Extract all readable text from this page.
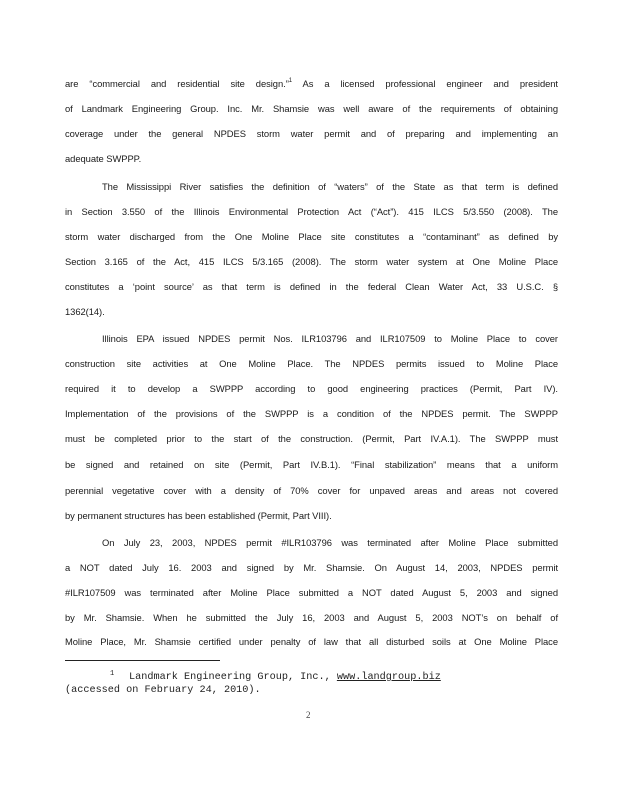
are “commercial and residential site design.”$^1$ As a licensed professional engineer and president
of Landmark Engineering Group. Inc. Mr. Shamsie was well aware of the requirements of obtaining
coverage under the general NPDES storm water permit and of preparing and implementing an
adequate SWPPP.
The Mississippi River satisfies the definition of “waters” of the State as that term is defined
in Section 3.550 of the Illinois Environmental Protection Act (“Act”). 415 ILCS 5/3.550 (2008). The
storm water discharged from the One Moline Place site constitutes a “contaminant” as defined by
Section 3.165 of the Act, 415 ILCS 5/3.165 (2008). The storm water system at One Moline Place
constitutes a ‘point source’ as that term is defined in the federal Clean Water Act, 33 U.S.C. §
1362(14).
Illinois EPA issued NPDES permit Nos. ILR103796 and ILR107509 to Moline Place to cover
construction site activities at One Moline Place. The NPDES permits issued to Moline Place
required it to develop a SWPPP according to good engineering practices (Permit, Part IV).
Implementation of the provisions of the SWPPP is a condition of the NPDES permit. The SWPPP
must be completed prior to the start of the construction. (Permit, Part IV.A.1). The SWPPP must
be signed and retained on site (Permit, Part IV.B.1). “Final stabilization” means that a uniform
perennial vegetative cover with a density of 70% cover for unpaved areas and areas not covered
by permanent structures has been established (Permit, Part VIII).
On July 23, 2003, NPDES permit #ILR103796 was terminated after Moline Place submitted
a NOT dated July 16. 2003 and signed by Mr. Shamsie. On August 14, 2003, NPDES permit
#ILR107509 was terminated after Moline Place submitted a NOT dated August 5, 2003 and signed
by Mr. Shamsie. When he submitted the July 16, 2003 and August 5, 2003 NOT’s on behalf of
Moline Place, Mr. Shamsie certified under penalty of law that all disturbed soils at One Moline Place
1 Landmark Engineering Group, Inc., www.landgroup.biz
(accessed on February 24, 2010).
2
